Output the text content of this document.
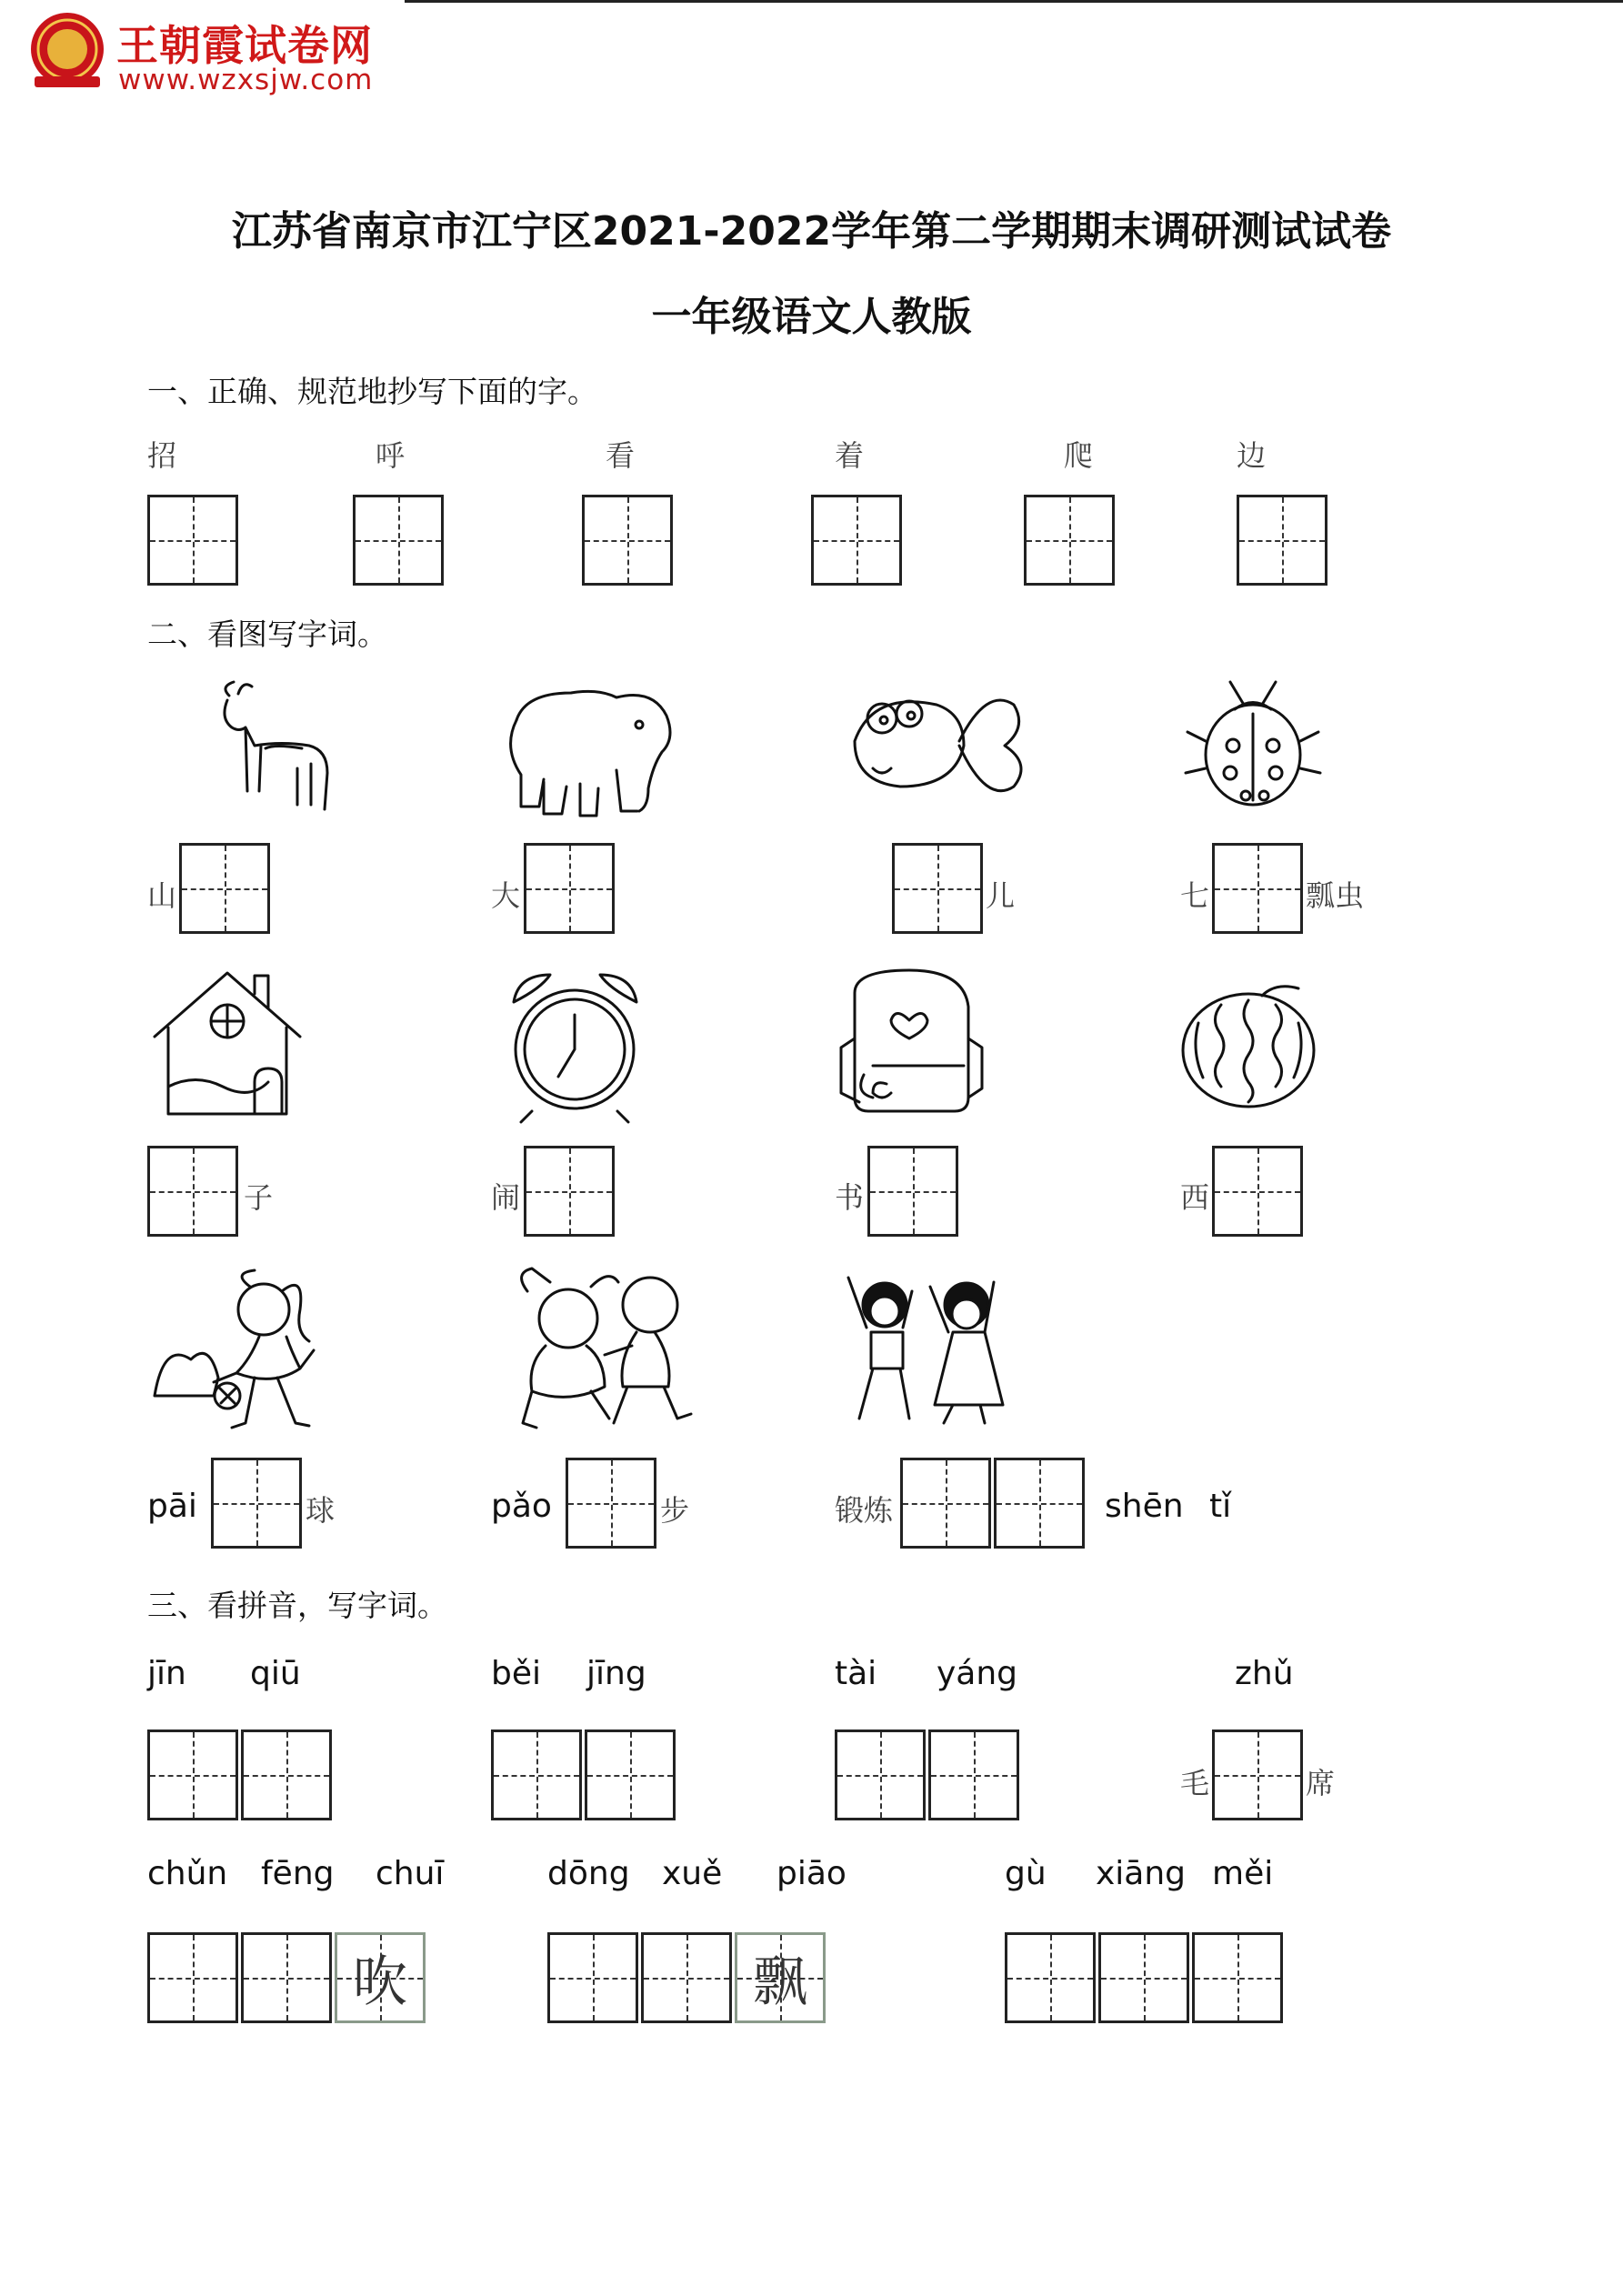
王朝霞试卷网
www.wzxsjw.com
江苏省南京市江宁区2021-2022学年第二学期期末调研测试试卷
一年级语文人教版
一、正确、规范地抄写下面的字。
招	呼	看	着	爬	边
二、看图写字词。
山	大	儿	七	瓢虫
子	闹	书	西
pāi	球	pǎo	步	锻炼	shēn tǐ
三、看拼音，写字词。
jīn qiū	běi jīng	tài yáng	zhǔ
毛	席
chǔn fēng chuī
吹
dōng xuě piāo
飘
gù xiāng měi
